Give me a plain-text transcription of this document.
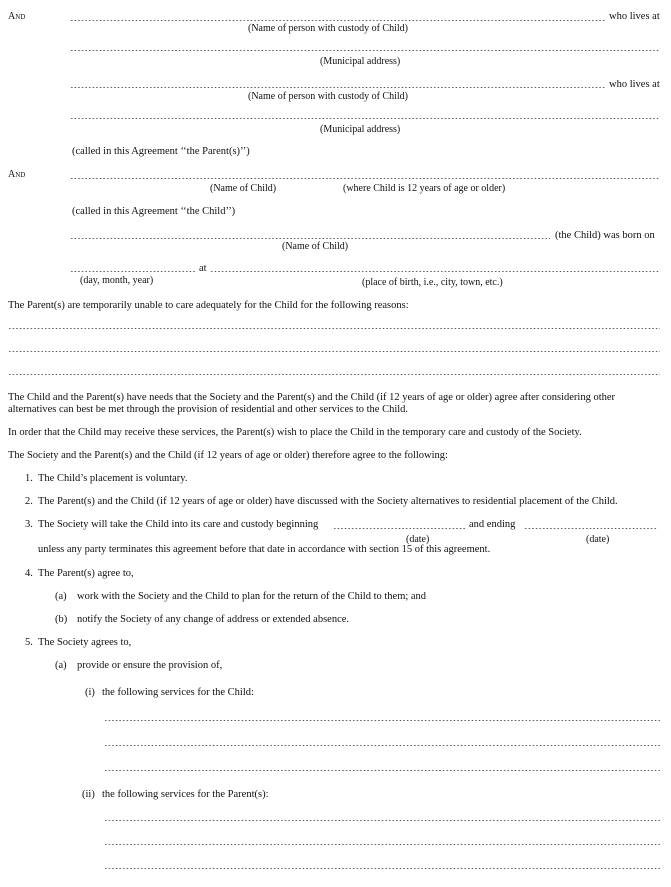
And	who lives at
(Name of person with custody of Child)
(Municipal address)
who lives at
(Name of person with custody of Child)
(Municipal address)
(called in this Agreement ‘‘the Parent(s)’’)
And
(Name of Child)	(where Child is 12 years of age or older)
(called in this Agreement ‘‘the Child’’)
(the Child) was born on
(Name of Child)
at
(day, month, year)	(place of birth, i.e., city, town, etc.)
The Parent(s) are temporarily unable to care adequately for the Child for the following reasons:
The Child and the Parent(s) have needs that the Society and the Parent(s) and the Child (if 12 years of age or older) agree after considering other
alternatives can best be met through the provision of residential and other services to the Child.
In order that the Child may receive these services, the Parent(s) wish to place the Child in the temporary care and custody of the Society.
The Society and the Parent(s) and the Child (if 12 years of age or older) therefore agree to the following:
1. The Child’s placement is voluntary.
2. The Parent(s) and the Child (if 12 years of age or older) have discussed with the Society alternatives to residential placement of the Child.
3. The Society will take the Child into its care and custody beginning	and ending
(date)	(date)
unless any party terminates this agreement before that date in accordance with section 15 of this agreement.
4. The Parent(s) agree to,
(a) work with the Society and the Child to plan for the return of the Child to them; and
(b) notify the Society of any change of address or extended absence.
5. The Society agrees to,
(a) provide or ensure the provision of,
(i) the following services for the Child:
(ii) the following services for the Parent(s):
